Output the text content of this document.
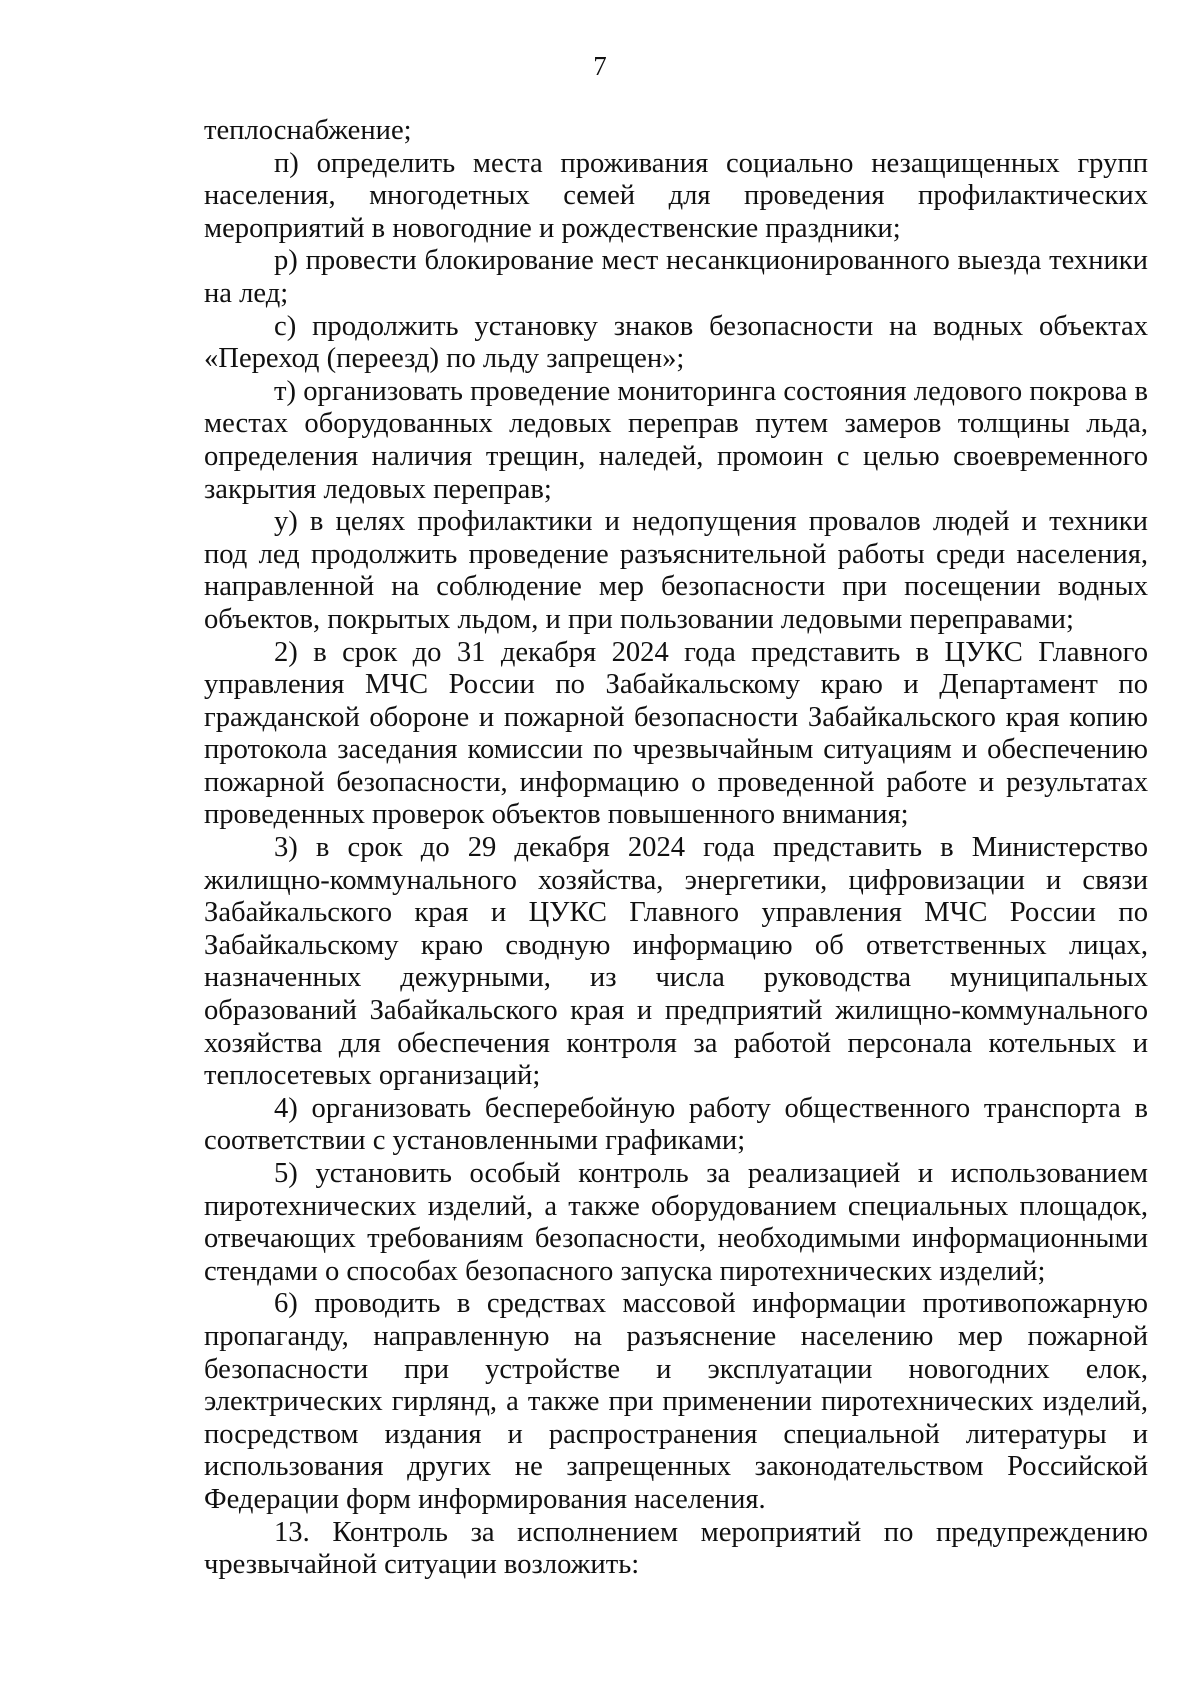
7

теплоснабжение;

п) определить места проживания социально незащищенных групп населения, многодетных семей для проведения профилактических мероприятий в новогодние и рождественские праздники;

р) провести блокирование мест несанкционированного выезда техники на лед;

с) продолжить установку знаков безопасности на водных объектах «Переход (переезд) по льду запрещен»;

т) организовать проведение мониторинга состояния ледового покрова в местах оборудованных ледовых переправ путем замеров толщины льда, определения наличия трещин, наледей, промоин с целью своевременного закрытия ледовых переправ;

у) в целях профилактики и недопущения провалов людей и техники под лед продолжить проведение разъяснительной работы среди населения, направленной на соблюдение мер безопасности при посещении водных объектов, покрытых льдом, и при пользовании ледовыми переправами;

2) в срок до 31 декабря 2024 года представить в ЦУКС Главного управления МЧС России по Забайкальскому краю и Департамент по гражданской обороне и пожарной безопасности Забайкальского края копию протокола заседания комиссии по чрезвычайным ситуациям и обеспечению пожарной безопасности, информацию о проведенной работе и результатах проведенных проверок объектов повышенного внимания;

3) в срок до 29 декабря 2024 года представить в Министерство жилищно-коммунального хозяйства, энергетики, цифровизации и связи Забайкальского края и ЦУКС Главного управления МЧС России по Забайкальскому краю сводную информацию об ответственных лицах, назначенных дежурными, из числа руководства муниципальных образований Забайкальского края и предприятий жилищно-коммунального хозяйства для обеспечения контроля за работой персонала котельных и теплосетевых организаций;

4) организовать бесперебойную работу общественного транспорта в соответствии с установленными графиками;

5) установить особый контроль за реализацией и использованием пиротехнических изделий, а также оборудованием специальных площадок, отвечающих требованиям безопасности, необходимыми информационными стендами о способах безопасного запуска пиротехнических изделий;

6) проводить в средствах массовой информации противопожарную пропаганду, направленную на разъяснение населению мер пожарной безопасности при устройстве и эксплуатации новогодних елок, электрических гирлянд, а также при применении пиротехнических изделий, посредством издания и распространения специальной литературы и использования других не запрещенных законодательством Российской Федерации форм информирования населения.

13. Контроль за исполнением мероприятий по предупреждению чрезвычайной ситуации возложить:
